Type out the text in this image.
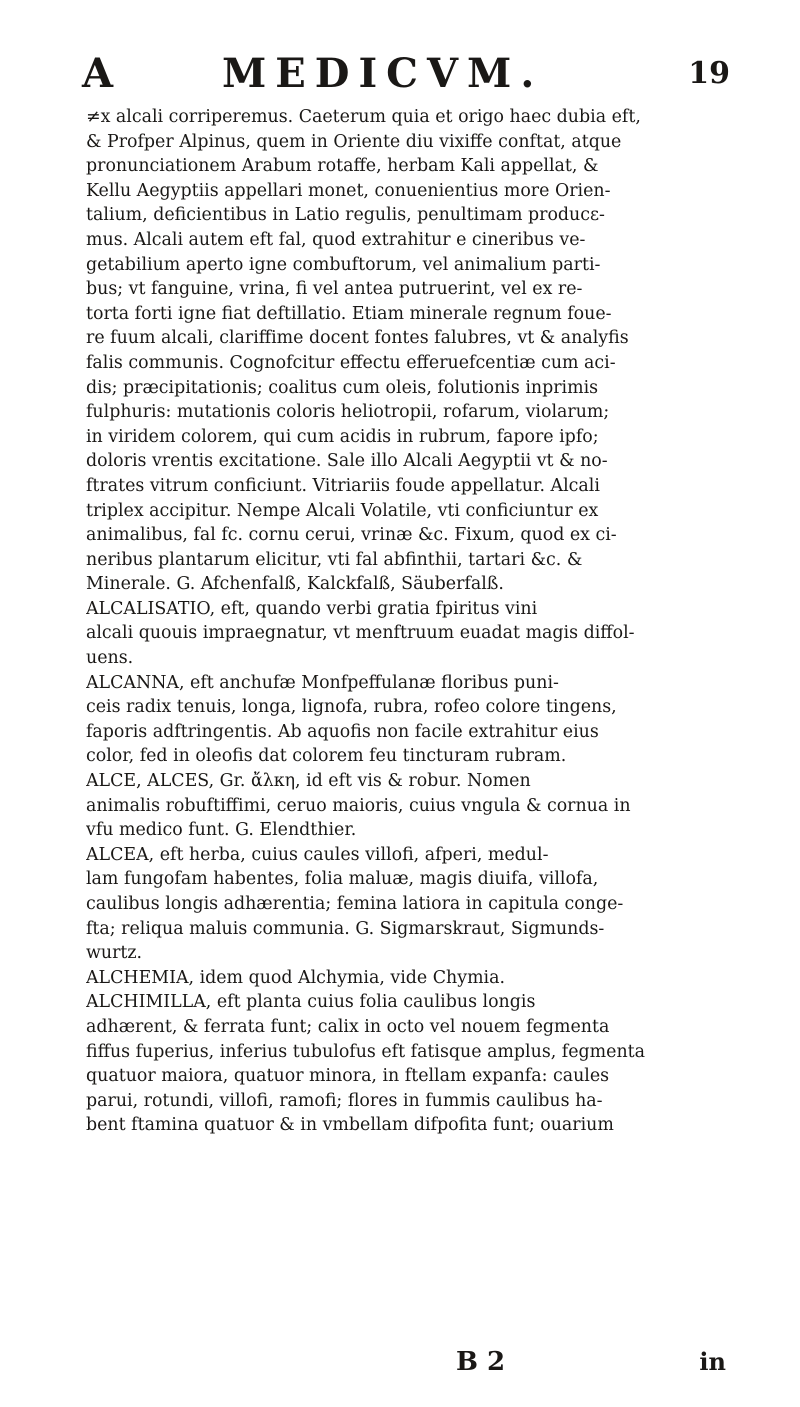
A	MEDICVM.	19
≠x alcali corriperemus. Caeterum quia et origo haec dubia eft,
& Profper Alpinus, quem in Oriente diu vixiffe conftat, atque
pronunciationem Arabum rotaffe, herbam Kali appellat, &
Kellu Aegyptiis appellari monet, conuenientius more Orien-
talium, deficientibus in Latio regulis, penultimam producε-
mus. Alcali autem eft fal, quod extrahitur e cineribus ve-
getabilium aperto igne combuftorum, vel animalium parti-
bus; vt fanguine, vrina, fi vel antea putruerint, vel ex re-
torta forti igne fiat deftillatio. Etiam minerale regnum foue-
re fuum alcali, clariffime docent fontes falubres, vt & analyfis
falis communis. Cognofcitur effectu efferuefcentiæ cum aci-
dis; præcipitationis; coalitus cum oleis, folutionis inprimis
fulphuris: mutationis coloris heliotropii, rofarum, violarum;
in viridem colorem, qui cum acidis in rubrum, fapore ipfo;
doloris vrentis excitatione. Sale illo Alcali Aegyptii vt & no-
ftrates vitrum conficiunt. Vitriariis foude appellatur. Alcali
triplex accipitur. Nempe Alcali Volatile, vti conficiuntur ex
animalibus, fal fc. cornu cerui, vrinæ &c. Fixum, quod ex ci-
neribus plantarum elicitur, vti fal abfinthii, tartari &c. &
Minerale. G. Afchenfalß, Kalckfalß, Säuberfalß.
ALCALISATIO, eft, quando verbi gratia fpiritus vini
alcali quouis impraegnatur, vt menftruum euadat magis diffol-
uens.
ALCANNA, eft anchufæ Monfpeffulanæ floribus puni-
ceis radix tenuis, longa, lignofa, rubra, rofeo colore tingens,
faporis adftringentis. Ab aquofis non facile extrahitur eius
color, fed in oleofis dat colorem feu tincturam rubram.
ALCE, ALCES, Gr. ἄλκη, id eft vis & robur. Nomen
animalis robuftiffimi, ceruo maioris, cuius vngula & cornua in
vfu medico funt. G. Elendthier.
ALCEA, eft herba, cuius caules villofi, afperi, medul-
lam fungofam habentes, folia maluæ, magis diuifa, villofa,
caulibus longis adhærentia; femina latiora in capitula conge-
fta; reliqua maluis communia. G. Sigmarskraut, Sigmunds-
wurtz.
ALCHEMIA, idem quod Alchymia, vide Chymia.
ALCHIMILLA, eft planta cuius folia caulibus longis
adhærent, & ferrata funt; calix in octo vel nouem fegmenta
fiffus fuperius, inferius tubulofus eft fatisque amplus, fegmenta
quatuor maiora, quatuor minora, in ftellam expanfa: caules
parui, rotundi, villofi, ramofi; flores in fummis caulibus ha-
bent ftamina quatuor & in vmbellam difpofita funt; ouarium
B 2	in
